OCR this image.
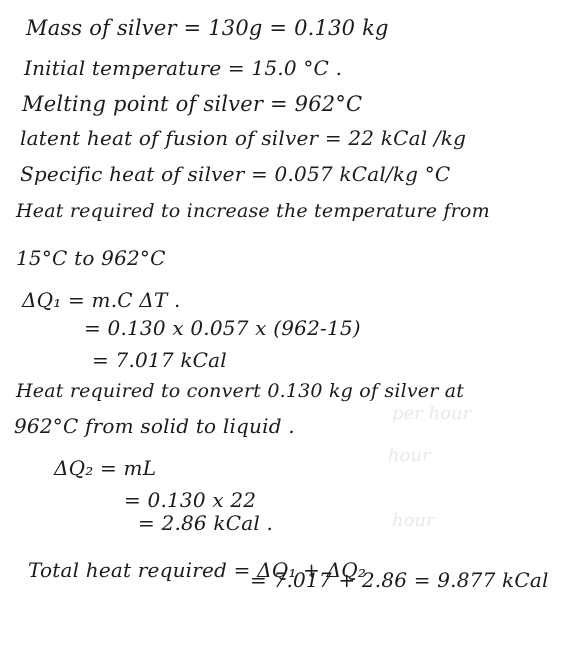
per hour
hour
hour
Mass of silver = 130g = 0.130 kg
Initial temperature = 15.0 °C .
Melting point of silver = 962°C
latent heat of fusion of silver = 22 kCal /kg
Specific heat of silver = 0.057 kCal/kg °C
Heat required to increase the temperature from
15°C to 962°C
ΔQ₁ = m.C ΔT .
= 0.130 x 0.057 x (962-15)
= 7.017 kCal
Heat required to convert 0.130 kg of silver at
962°C from solid to liquid .
ΔQ₂ = mL
= 0.130 x 22
= 2.86 kCal .
Total heat required = ΔQ₁ + ΔQ₂
= 7.017 + 2.86 = 9.877 kCal
